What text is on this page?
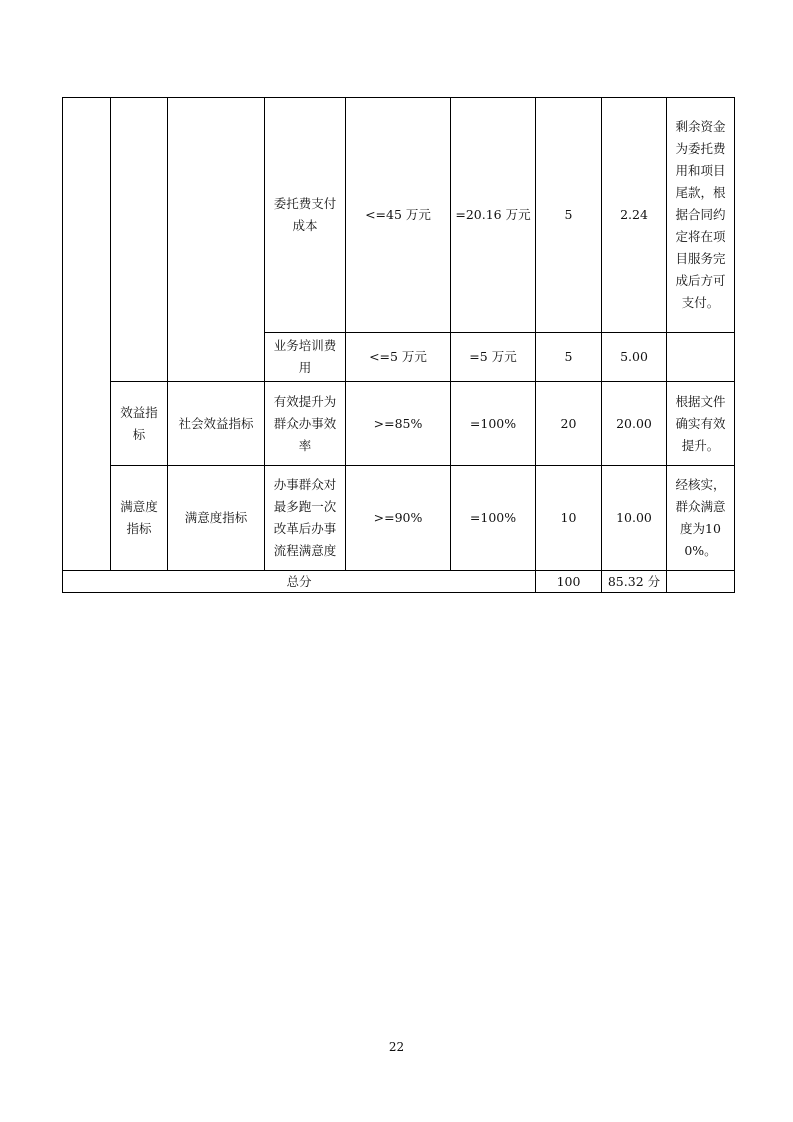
			委托费支付成本	<=45 万元	=20.16 万元	5	2.24	剩余资金为委托费用和项目尾款，根据合同约定将在项目服务完成后方可支付。
			业务培训费用	<=5 万元	=5 万元	5	5.00	
	效益指标	社会效益指标	有效提升为群众办事效率	>=85%	=100%	20	20.00	根据文件确实有效提升。
	满意度指标	满意度指标	办事群众对最多跑一次改革后办事流程满意度	>=90%	=100%	10	10.00	经核实，群众满意度为100%。
总分						100	85.32 分	
22
